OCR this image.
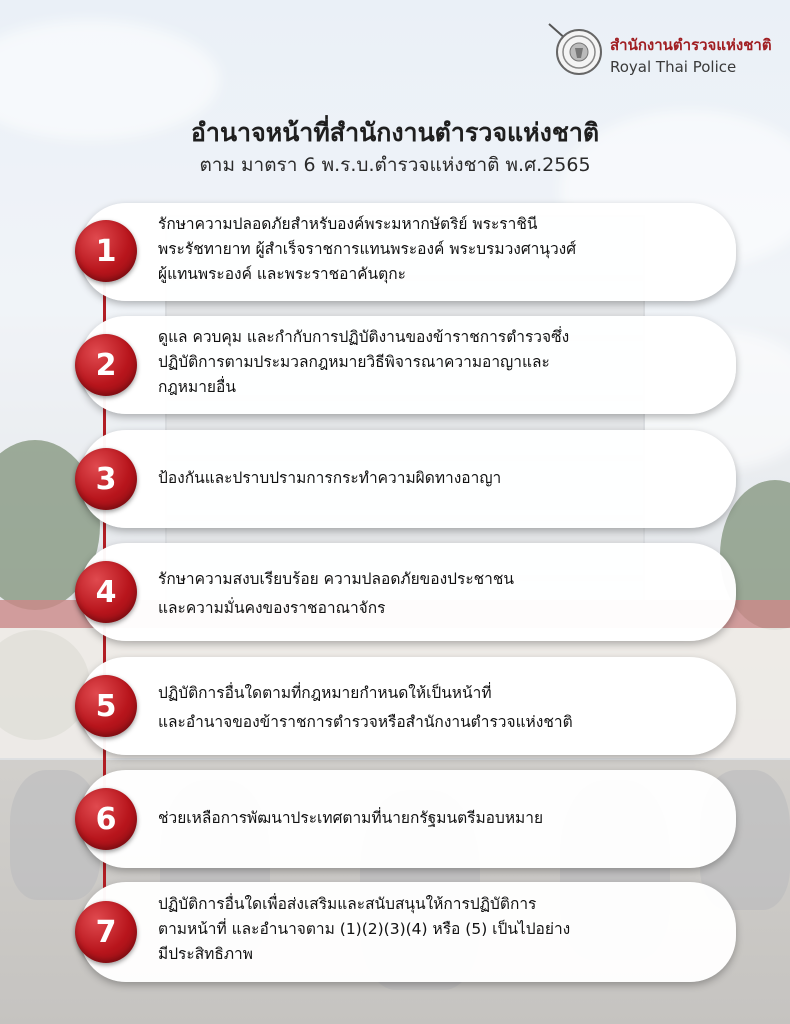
สำนักงานตำรวจแห่งชาติ
Royal Thai Police
อำนาจหน้าที่สำนักงานตำรวจแห่งชาติ
ตาม มาตรา 6 พ.ร.บ.ตำรวจแห่งชาติ พ.ศ.2565
รักษาความปลอดภัยสำหรับองค์พระมหากษัตริย์ พระราชินี
พระรัชทายาท ผู้สำเร็จราชการแทนพระองค์ พระบรมวงศานุวงศ์
ผู้แทนพระองค์ และพระราชอาคันตุกะ
1
ดูแล ควบคุม และกำกับการปฏิบัติงานของข้าราชการตำรวจซึ่ง
ปฏิบัติการตามประมวลกฎหมายวิธีพิจารณาความอาญาและ
กฎหมายอื่น
2
ป้องกันและปราบปรามการกระทำความผิดทางอาญา
3
รักษาความสงบเรียบร้อย ความปลอดภัยของประชาชน
และความมั่นคงของราชอาณาจักร
4
ปฏิบัติการอื่นใดตามที่กฎหมายกำหนดให้เป็นหน้าที่
และอำนาจของข้าราชการตำรวจหรือสำนักงานตำรวจแห่งชาติ
5
ช่วยเหลือการพัฒนาประเทศตามที่นายกรัฐมนตรีมอบหมาย
6
ปฏิบัติการอื่นใดเพื่อส่งเสริมและสนับสนุนให้การปฏิบัติการ
ตามหน้าที่ และอำนาจตาม (1)(2)(3)(4) หรือ (5) เป็นไปอย่าง
มีประสิทธิภาพ
7
